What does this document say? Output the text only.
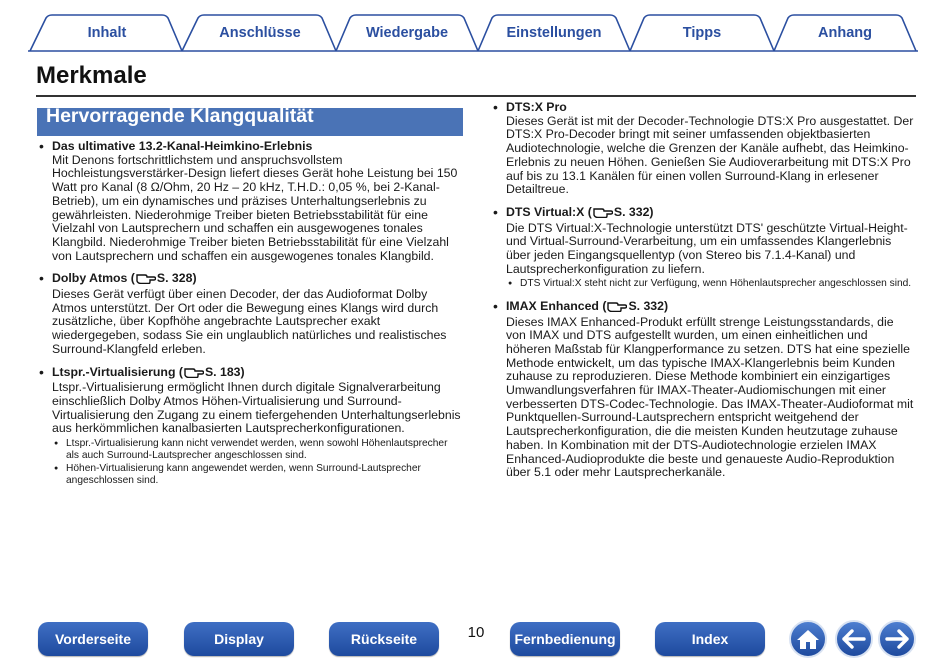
Inhalt	Anschlüsse	Wiedergabe	Einstellungen	Tipps	Anhang
Merkmale
Hervorragende Klangqualität
• Das ultimative 13.2-Kanal-Heimkino-Erlebnis
Mit Denons fortschrittlichstem und anspruchsvollstem Hochleistungsverstärker-Design liefert dieses Gerät hohe Leistung bei 150 Watt pro Kanal (8 Ω/Ohm, 20 Hz – 20 kHz, T.H.D.: 0,05 %, bei 2-Kanal-Betrieb), um ein dynamisches und präzises Unterhaltungserlebnis zu gewährleisten. Niederohmige Treiber bieten Betriebsstabilität für eine Vielzahl von Lautsprechern und schaffen ein ausgewogenes tonales Klangbild. Niederohmige Treiber bieten Betriebsstabilität für eine Vielzahl von Lautsprechern und schaffen ein ausgewogenes tonales Klangbild.
• Dolby Atmos ( S. 328)
Dieses Gerät verfügt über einen Decoder, der das Audioformat Dolby Atmos unterstützt. Der Ort oder die Bewegung eines Klangs wird durch zusätzliche, über Kopfhöhe angebrachte Lautsprecher exakt wiedergegeben, sodass Sie ein unglaublich natürliches und realistisches Surround-Klangfeld erleben.
• Ltspr.-Virtualisierung ( S. 183)
Ltspr.-Virtualisierung ermöglicht Ihnen durch digitale Signalverarbeitung einschließlich Dolby Atmos Höhen-Virtualisierung und Surround-Virtualisierung den Zugang zu einem tiefergehenden Unterhaltungserlebnis aus herkömmlichen kanalbasierten Lautsprecherkonfigurationen.
● Ltspr.-Virtualisierung kann nicht verwendet werden, wenn sowohl Höhenlautsprecher als auch Surround-Lautsprecher angeschlossen sind.
● Höhen-Virtualisierung kann angewendet werden, wenn Surround-Lautsprecher angeschlossen sind.
• DTS:X Pro
Dieses Gerät ist mit der Decoder-Technologie DTS:X Pro ausgestattet. Der DTS:X Pro-Decoder bringt mit seiner umfassenden objektbasierten Audiotechnologie, welche die Grenzen der Kanäle aufhebt, das Heimkino-Erlebnis zu neuen Höhen. Genießen Sie Audioverarbeitung mit DTS:X Pro auf bis zu 13.1 Kanälen für einen vollen Surround-Klang in erlesener Detailtreue.
• DTS Virtual:X ( S. 332)
Die DTS Virtual:X-Technologie unterstützt DTS' geschützte Virtual-Height- und Virtual-Surround-Verarbeitung, um ein umfassendes Klangerlebnis über jeden Eingangsquellentyp (von Stereo bis 7.1.4-Kanal) und Lautsprecherkonfiguration zu liefern.
● DTS Virtual:X steht nicht zur Verfügung, wenn Höhenlautsprecher angeschlossen sind.
• IMAX Enhanced ( S. 332)
Dieses IMAX Enhanced-Produkt erfüllt strenge Leistungsstandards, die von IMAX und DTS aufgestellt wurden, um einen einheitlichen und höheren Maßstab für Klangperformance zu setzen. DTS hat eine spezielle Methode entwickelt, um das typische IMAX-Klangerlebnis beim Kunden zuhause zu reproduzieren. Diese Methode kombiniert ein einzigartiges Umwandlungsverfahren für IMAX-Theater-Audiomischungen mit einer verbesserten DTS-Codec-Technologie. Das IMAX-Theater-Audioformat mit Punktquellen-Surround-Lautsprechern entspricht weitgehend der Lautsprecherkonfiguration, die die meisten Kunden heutzutage zuhause haben. In Kombination mit der DTS-Audiotechnologie erzielen IMAX Enhanced-Audioprodukte die beste und genaueste Audio-Reproduktion über 5.1 oder mehr Lautsprecherkanäle.
Vorderseite	Display	Rückseite	10	Fernbedienung	Index
